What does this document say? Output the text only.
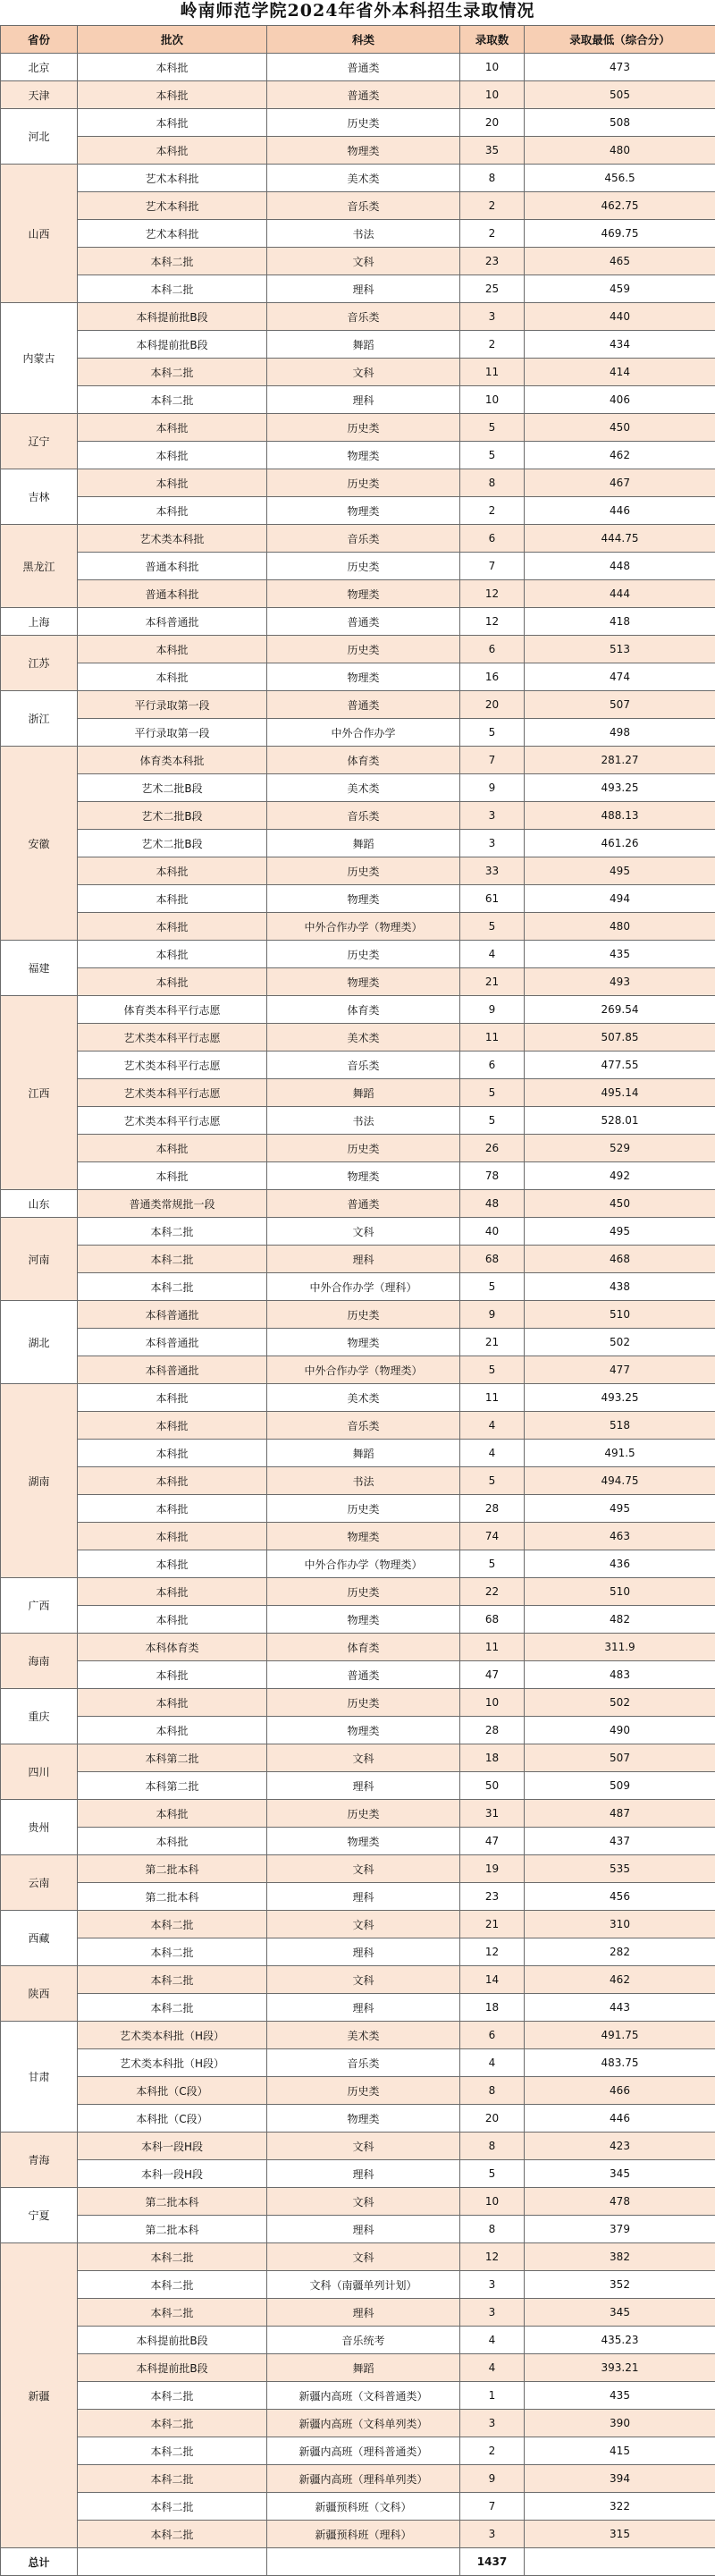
岭南师范学院2024年省外本科招生录取情况
省份	批次	科类	录取数	录取最低（综合分）
北京	本科批	普通类	10	473
天津	本科批	普通类	10	505
河北	本科批	历史类	20	508
	本科批	物理类	35	480
山西	艺术本科批	美术类	8	456.5
	艺术本科批	音乐类	2	462.75
	艺术本科批	书法	2	469.75
	本科二批	文科	23	465
	本科二批	理科	25	459
内蒙古	本科提前批B段	音乐类	3	440
	本科提前批B段	舞蹈	2	434
	本科二批	文科	11	414
	本科二批	理科	10	406
辽宁	本科批	历史类	5	450
	本科批	物理类	5	462
吉林	本科批	历史类	8	467
	本科批	物理类	2	446
黑龙江	艺术类本科批	音乐类	6	444.75
	普通本科批	历史类	7	448
	普通本科批	物理类	12	444
上海	本科普通批	普通类	12	418
江苏	本科批	历史类	6	513
	本科批	物理类	16	474
浙江	平行录取第一段	普通类	20	507
	平行录取第一段	中外合作办学	5	498
安徽	体育类本科批	体育类	7	281.27
	艺术二批B段	美术类	9	493.25
	艺术二批B段	音乐类	3	488.13
	艺术二批B段	舞蹈	3	461.26
	本科批	历史类	33	495
	本科批	物理类	61	494
	本科批	中外合作办学（物理类）	5	480
福建	本科批	历史类	4	435
	本科批	物理类	21	493
江西	体育类本科平行志愿	体育类	9	269.54
	艺术类本科平行志愿	美术类	11	507.85
	艺术类本科平行志愿	音乐类	6	477.55
	艺术类本科平行志愿	舞蹈	5	495.14
	艺术类本科平行志愿	书法	5	528.01
	本科批	历史类	26	529
	本科批	物理类	78	492
山东	普通类常规批一段	普通类	48	450
河南	本科二批	文科	40	495
	本科二批	理科	68	468
	本科二批	中外合作办学（理科）	5	438
湖北	本科普通批	历史类	9	510
	本科普通批	物理类	21	502
	本科普通批	中外合作办学（物理类）	5	477
湖南	本科批	美术类	11	493.25
	本科批	音乐类	4	518
	本科批	舞蹈	4	491.5
	本科批	书法	5	494.75
	本科批	历史类	28	495
	本科批	物理类	74	463
	本科批	中外合作办学（物理类）	5	436
广西	本科批	历史类	22	510
	本科批	物理类	68	482
海南	本科体育类	体育类	11	311.9
	本科批	普通类	47	483
重庆	本科批	历史类	10	502
	本科批	物理类	28	490
四川	本科第二批	文科	18	507
	本科第二批	理科	50	509
贵州	本科批	历史类	31	487
	本科批	物理类	47	437
云南	第二批本科	文科	19	535
	第二批本科	理科	23	456
西藏	本科二批	文科	21	310
	本科二批	理科	12	282
陕西	本科二批	文科	14	462
	本科二批	理科	18	443
甘肃	艺术类本科批（H段）	美术类	6	491.75
	艺术类本科批（H段）	音乐类	4	483.75
	本科批（C段）	历史类	8	466
	本科批（C段）	物理类	20	446
青海	本科一段H段	文科	8	423
	本科一段H段	理科	5	345
宁夏	第二批本科	文科	10	478
	第二批本科	理科	8	379
新疆	本科二批	文科	12	382
	本科二批	文科（南疆单列计划）	3	352
	本科二批	理科	3	345
	本科提前批B段	音乐统考	4	435.23
	本科提前批B段	舞蹈	4	393.21
	本科二批	新疆内高班（文科普通类）	1	435
	本科二批	新疆内高班（文科单列类）	3	390
	本科二批	新疆内高班（理科普通类）	2	415
	本科二批	新疆内高班（理科单列类）	9	394
	本科二批	新疆预科班（文科）	7	322
	本科二批	新疆预科班（理科）	3	315
总计			1437	
